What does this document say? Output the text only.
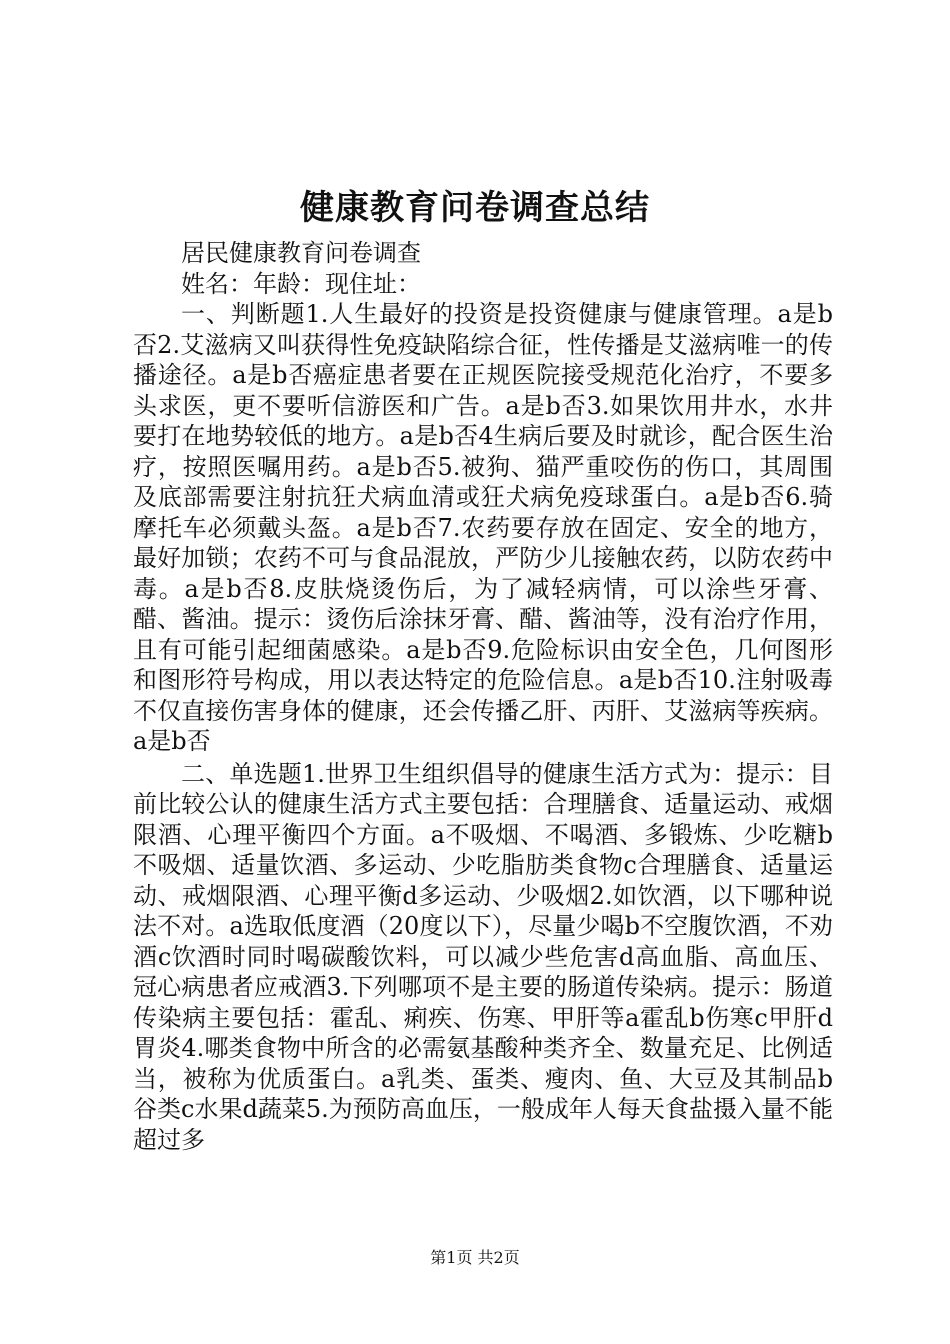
健康教育问卷调查总结

居民健康教育问卷调查

姓名：年龄：现住址：

一、判断题1.人生最好的投资是投资健康与健康管理。a是b否2.艾滋病又叫获得性免疫缺陷综合征，性传播是艾滋病唯一的传播途径。a是b否癌症患者要在正规医院接受规范化治疗，不要多头求医，更不要听信游医和广告。a是b否3.如果饮用井水，水井要打在地势较低的地方。a是b否4生病后要及时就诊，配合医生治疗，按照医嘱用药。a是b否5.被狗、猫严重咬伤的伤口，其周围及底部需要注射抗狂犬病血清或狂犬病免疫球蛋白。a是b否6.骑摩托车必须戴头盔。a是b否7.农药要存放在固定、安全的地方，最好加锁；农药不可与食品混放，严防少儿接触农药，以防农药中毒。a是b否8.皮肤烧烫伤后，为了减轻病情，可以涂些牙膏、醋、酱油。提示：烫伤后涂抹牙膏、醋、酱油等，没有治疗作用，且有可能引起细菌感染。a是b否9.危险标识由安全色，几何图形和图形符号构成，用以表达特定的危险信息。a是b否10.注射吸毒不仅直接伤害身体的健康，还会传播乙肝、丙肝、艾滋病等疾病。a是b否

二、单选题1.世界卫生组织倡导的健康生活方式为：提示：目前比较公认的健康生活方式主要包括：合理膳食、适量运动、戒烟限酒、心理平衡四个方面。a不吸烟、不喝酒、多锻炼、少吃糖b不吸烟、适量饮酒、多运动、少吃脂肪类食物c合理膳食、适量运动、戒烟限酒、心理平衡d多运动、少吸烟2.如饮酒，以下哪种说法不对。a选取低度酒（20度以下），尽量少喝b不空腹饮酒，不劝酒c饮酒时同时喝碳酸饮料，可以减少些危害d高血脂、高血压、冠心病患者应戒酒3.下列哪项不是主要的肠道传染病。提示：肠道传染病主要包括：霍乱、痢疾、伤寒、甲肝等a霍乱b伤寒c甲肝d胃炎4.哪类食物中所含的必需氨基酸种类齐全、数量充足、比例适当，被称为优质蛋白。a乳类、蛋类、瘦肉、鱼、大豆及其制品b谷类c水果d蔬菜5.为预防高血压，一般成年人每天食盐摄入量不能超过多

第1页 共2页
